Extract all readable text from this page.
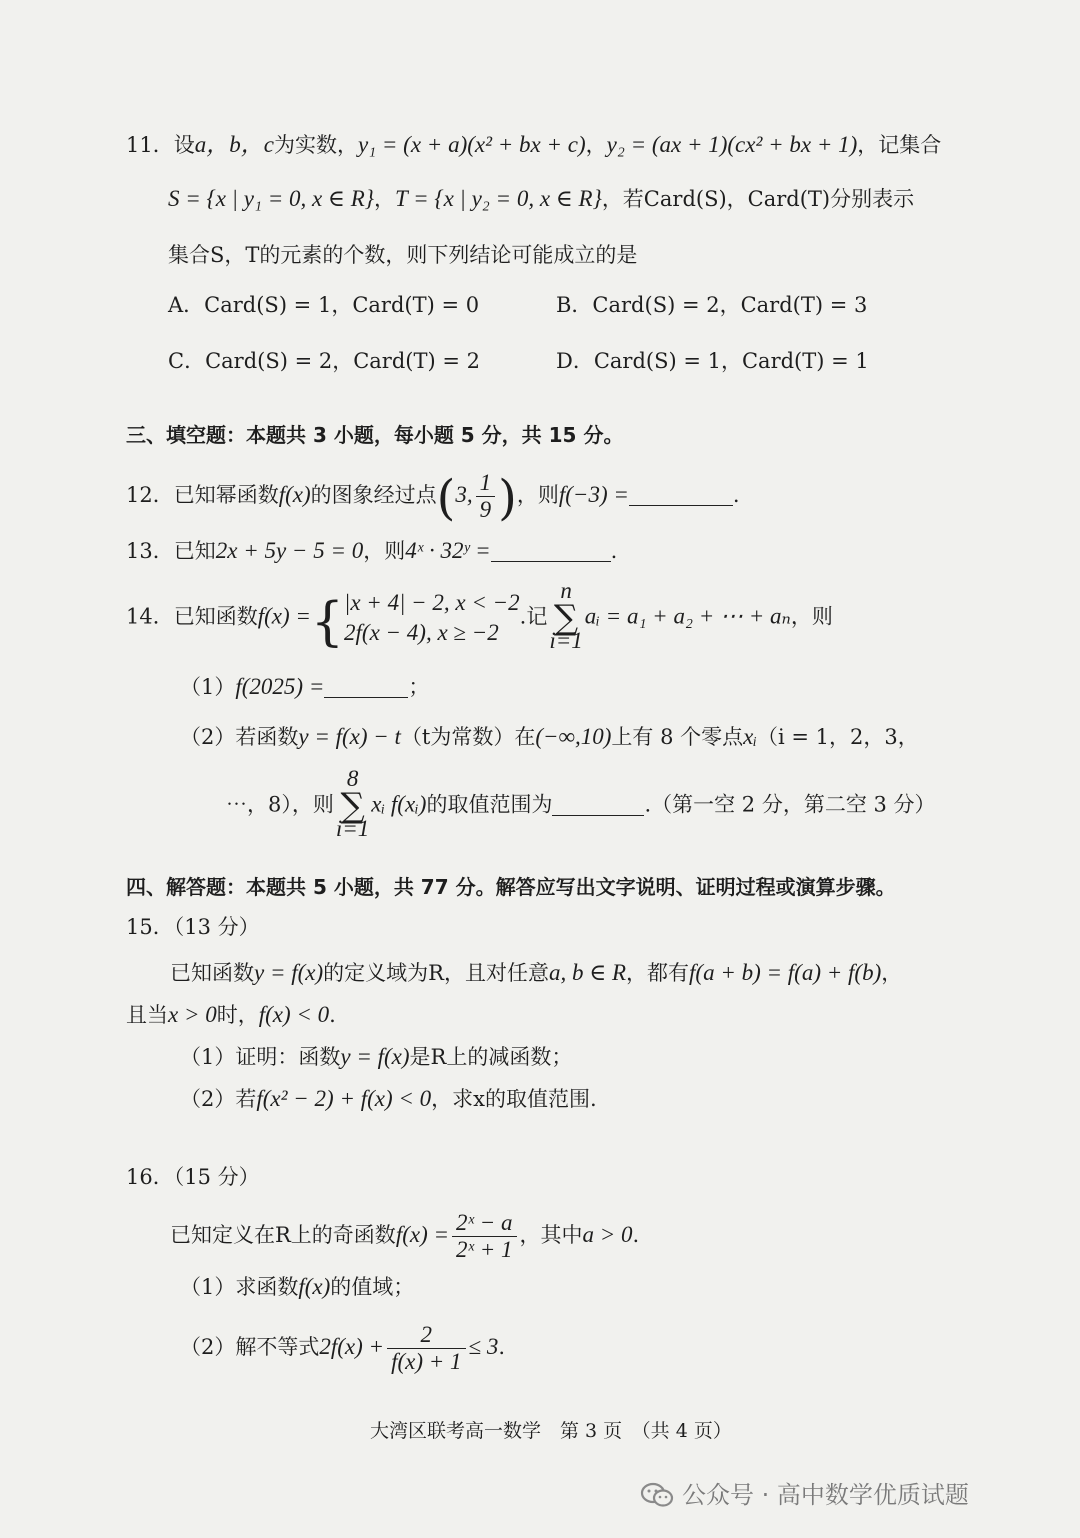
11．设a，b，c为实数，y₁ = (x + a)(x² + bx + c)，y₂ = (ax + 1)(cx² + bx + 1)，记集合
S = {x | y₁ = 0, x ∈ R}，T = {x | y₂ = 0, x ∈ R}，若Card(S)，Card(T)分别表示
集合S，T的元素的个数，则下列结论可能成立的是
A．Card(S) = 1，Card(T) = 0	B．Card(S) = 2，Card(T) = 3
C．Card(S) = 2，Card(T) = 2	D．Card(S) = 1，Card(T) = 1
三、填空题：本题共 3 小题，每小题 5 分，共 15 分。
12．已知幂函数f(x)的图象经过点(3, $\frac{1}{9}$ )，则f(−3) =	.
13．已知2x + 5y − 5 = 0，则4ˣ · 32ʸ =	.
14．已知函数f(x) ={ |x + 4| − 2, x < −2
2f(x − 4), x ≥ −2
.记n
∑
i=1aᵢ = a₁ + a₂ + ⋯ + aₙ，则
（1）f(2025) =	；
（2）若函数y = f(x) − t（t为常数）在(−∞,10)上有 8 个零点xᵢ（i = 1，2，3，
⋯，8），则8
∑
i=1xᵢ f(xᵢ)的取值范围为	.（第一空 2 分，第二空 3 分）
四、解答题：本题共 5 小题，共 77 分。解答应写出文字说明、证明过程或演算步骤。
15．（13 分）
已知函数y = f(x)的定义域为R，且对任意a, b ∈ R，都有f(a + b) = f(a) + f(b)，
且当x > 0时，f(x) < 0.
（1）证明：函数y = f(x)是R上的减函数；
（2）若f(x² − 2) + f(x) < 0，求x的取值范围.
16．（15 分）
已知定义在R上的奇函数$f(x) = \frac{\text{2ˣ − a}}{\text{2ˣ + 1}}$ ，其中a > 0.
（1）求函数f(x)的值域；
（2）解不等式$2f(x) + \frac{2}{f(x) + 1} \le 3$.
大湾区联考高一数学　第 3 页　（共 4 页）
公众号 · 高中数学优质试题
